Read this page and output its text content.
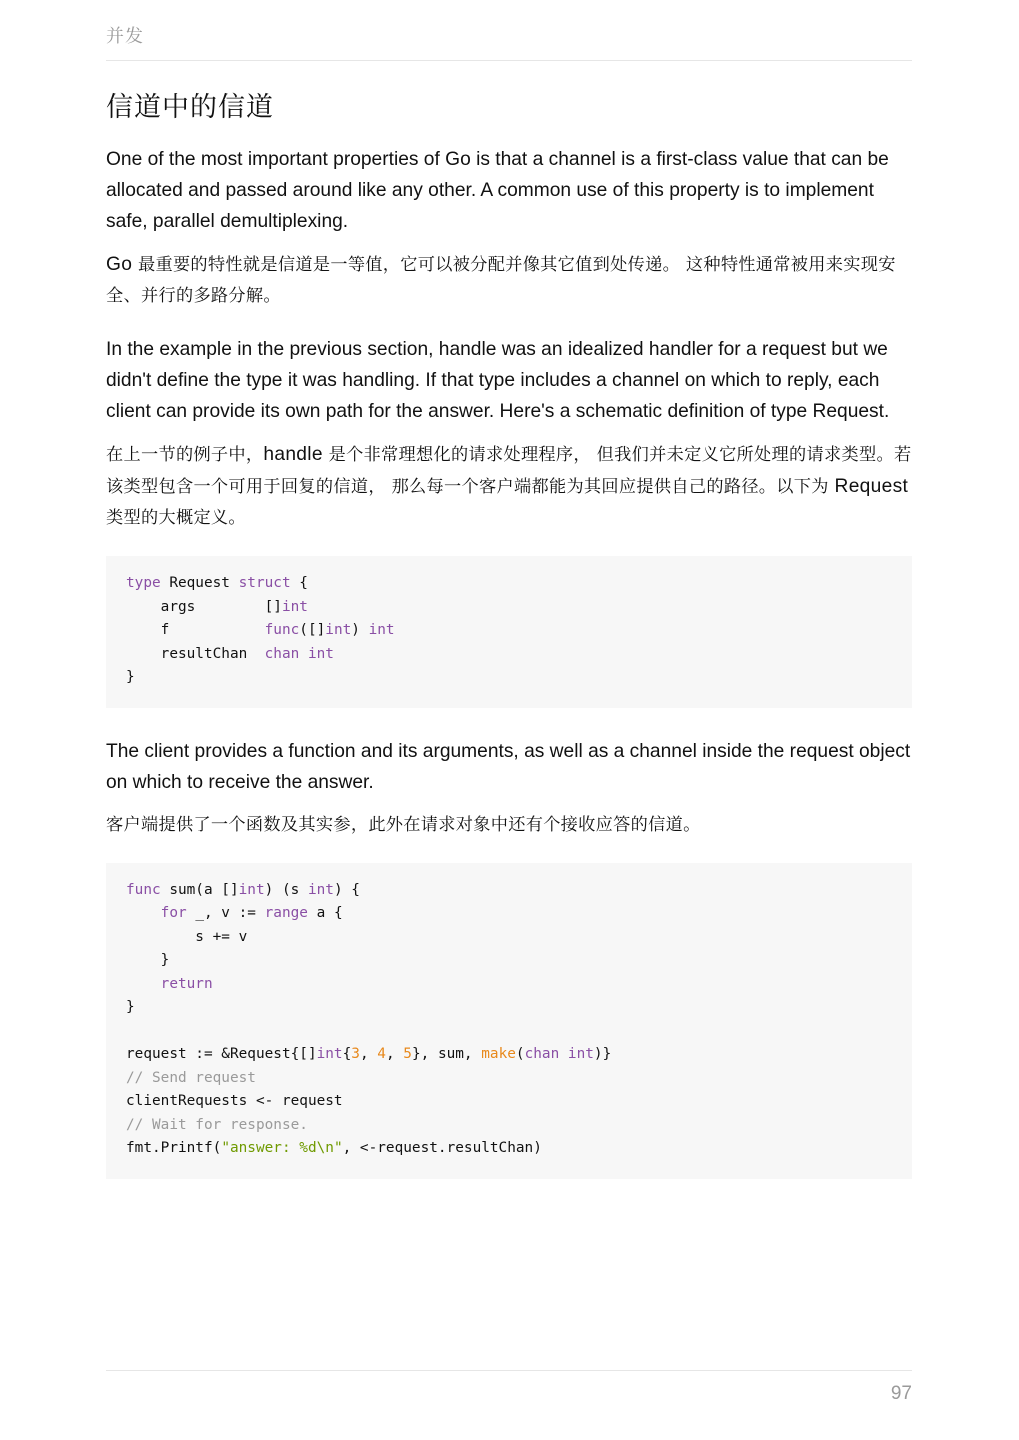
并发
信道中的信道

One of the most important properties of Go is that a channel is a first-class value that can be allocated and passed around like any other. A common use of this property is to implement safe, parallel demultiplexing.

Go 最重要的特性就是信道是一等值，它可以被分配并像其它值到处传递。 这种特性通常被用来实现安全、并行的多路分解。

In the example in the previous section, handle was an idealized handler for a request but we didn't define the type it was handling. If that type includes a channel on which to reply, each client can provide its own path for the answer. Here's a schematic definition of type Request.

在上一节的例子中，handle 是个非常理想化的请求处理程序， 但我们并未定义它所处理的请求类型。若该类型包含一个可用于回复的信道， 那么每一个客户端都能为其回应提供自己的路径。以下为 Request 类型的大概定义。

type Request struct {
args        []int
f           func([]int) int
resultChan  chan int
}

The client provides a function and its arguments, as well as a channel inside the request object on which to receive the answer.

客户端提供了一个函数及其实参，此外在请求对象中还有个接收应答的信道。

func sum(a []int) (s int) {
for _, v := range a {
s += v
}
return
}

request := &Request{[]int{3, 4, 5}, sum, make(chan int)}
// Send request
clientRequests <- request
// Wait for response.
fmt.Printf("answer: %d\n", <-request.resultChan)
97
